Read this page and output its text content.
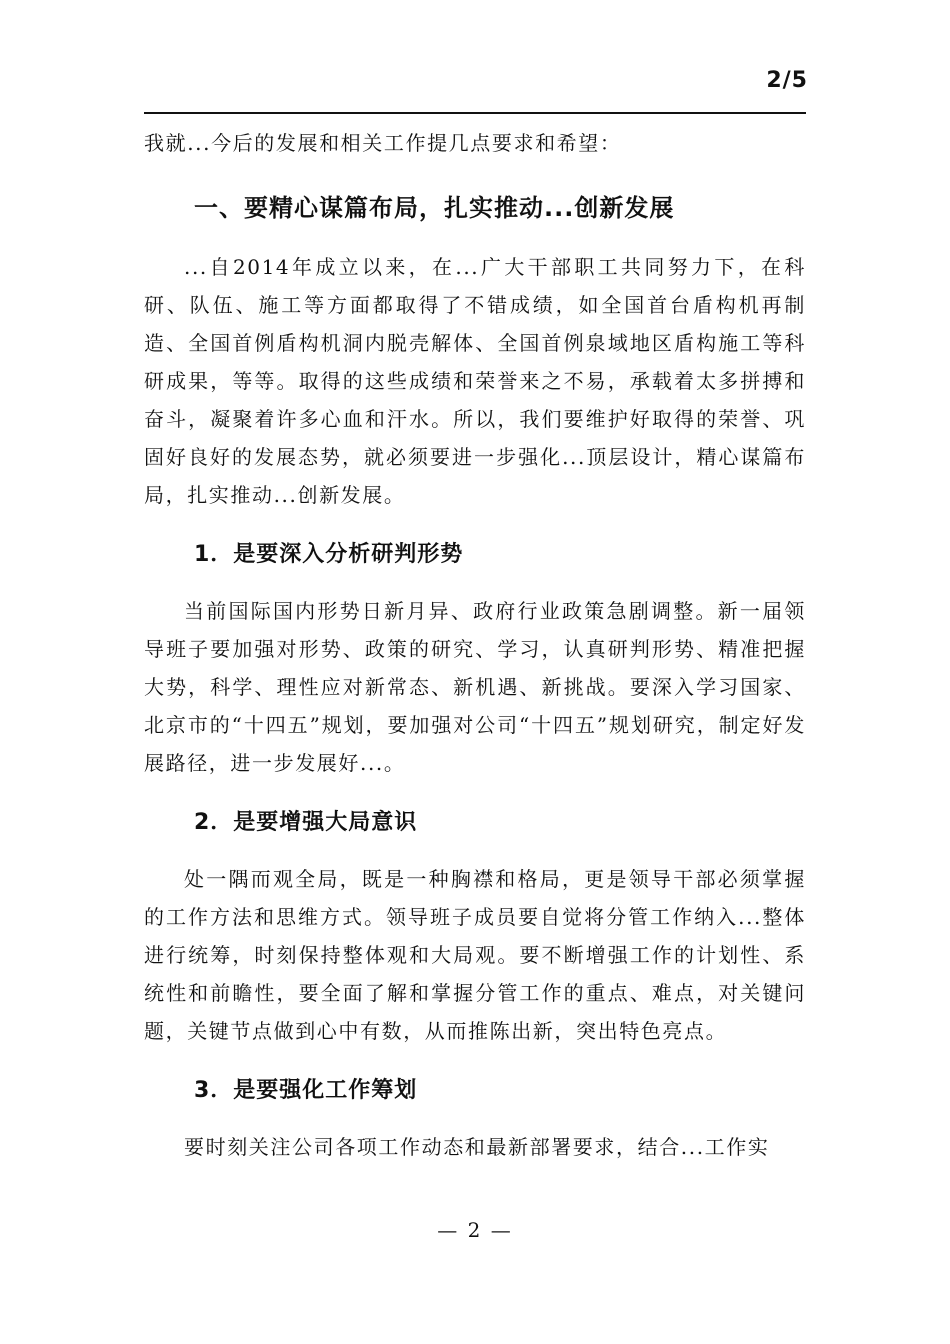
2/5

我就...今后的发展和相关工作提几点要求和希望：

一、要精心谋篇布局，扎实推动...创新发展

...自2014年成立以来，在...广大干部职工共同努力下，在科研、队伍、施工等方面都取得了不错成绩，如全国首台盾构机再制造、全国首例盾构机洞内脱壳解体、全国首例泉域地区盾构施工等科研成果，等等。取得的这些成绩和荣誉来之不易，承载着太多拼搏和奋斗，凝聚着许多心血和汗水。所以，我们要维护好取得的荣誉、巩固好良好的发展态势，就必须要进一步强化...顶层设计，精心谋篇布局，扎实推动...创新发展。

1．是要深入分析研判形势

当前国际国内形势日新月异、政府行业政策急剧调整。新一届领导班子要加强对形势、政策的研究、学习，认真研判形势、精准把握大势，科学、理性应对新常态、新机遇、新挑战。要深入学习国家、北京市的“十四五”规划，要加强对公司“十四五”规划研究，制定好发展路径，进一步发展好...。

2．是要增强大局意识

处一隅而观全局，既是一种胸襟和格局，更是领导干部必须掌握的工作方法和思维方式。领导班子成员要自觉将分管工作纳入...整体进行统筹，时刻保持整体观和大局观。要不断增强工作的计划性、系统性和前瞻性，要全面了解和掌握分管工作的重点、难点，对关键问题，关键节点做到心中有数，从而推陈出新，突出特色亮点。

3．是要强化工作筹划

要时刻关注公司各项工作动态和最新部署要求，结合...工作实

— 2 —
